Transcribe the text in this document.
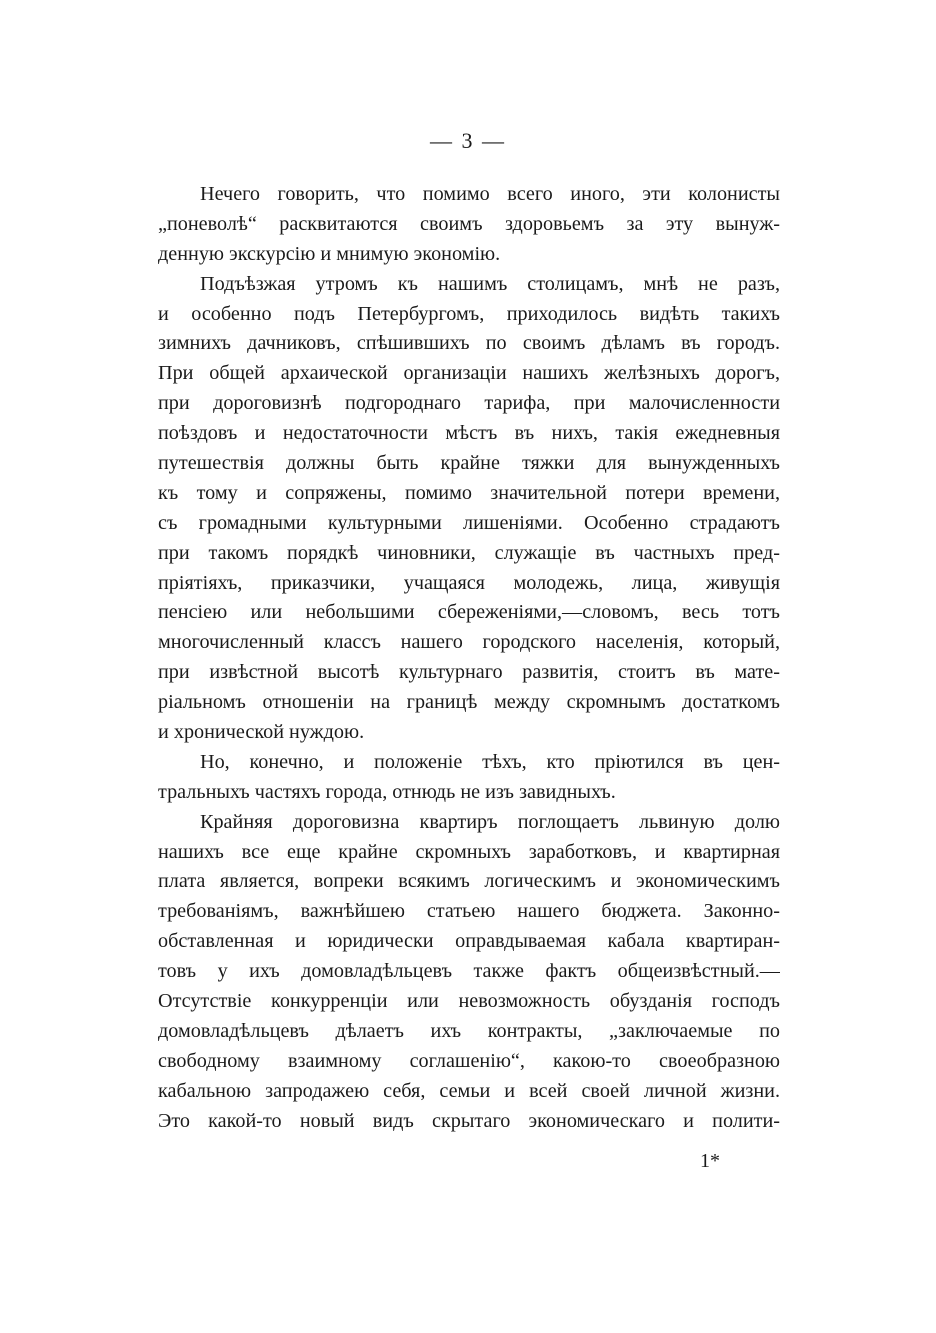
— 3 —
Нечего говорить, что помимо всего иного, эти колонисты
„поневолѣ“ расквитаются своимъ здоровьемъ за эту вынуж-
денную экскурсію и мнимую экономію.
Подъѣзжая утромъ къ нашимъ столицамъ, мнѣ не разъ,
и особенно подъ Петербургомъ, приходилось видѣть такихъ
зимнихъ дачниковъ, спѣшившихъ по своимъ дѣламъ въ городъ.
При общей архаической организаціи нашихъ желѣзныхъ дорогъ,
при дороговизнѣ подгороднаго тарифа, при малочисленности
поѣздовъ и недостаточности мѣстъ въ нихъ, такія ежедневныя
путешествія должны быть крайне тяжки для вынужденныхъ
къ тому и сопряжены, помимо значительной потери времени,
съ громадными культурными лишеніями. Особенно страдаютъ
при такомъ порядкѣ чиновники, служащіе въ частныхъ пред-
пріятіяхъ, приказчики, учащаяся молодежь, лица, живущія
пенсіею или небольшими сбереженіями,—словомъ, весь тотъ
многочисленный классъ нашего городского населенія, который,
при извѣстной высотѣ культурнаго развитія, стоитъ въ мате-
ріальномъ отношеніи на границѣ между скромнымъ достаткомъ
и хронической нуждою.
Но, конечно, и положеніе тѣхъ, кто пріютился въ цен-
тральныхъ частяхъ города, отнюдь не изъ завидныхъ.
Крайняя дороговизна квартиръ поглощаетъ львиную долю
нашихъ все еще крайне скромныхъ заработковъ, и квартирная
плата является, вопреки всякимъ логическимъ и экономическимъ
требованіямъ, важнѣйшею статьею нашего бюджета. Законно-
обставленная и юридически оправдываемая кабала квартиран-
товъ у ихъ домовладѣльцевъ также фактъ общеизвѣстный.—
Отсутствіе конкурренціи или невозможность обузданія господъ
домовладѣльцевъ дѣлаетъ ихъ контракты, „заключаемые по
свободному взаимному соглашенію“, какою-то своеобразною
кабальною запродажею себя, семьи и всей своей личной жизни.
Это какой-то новый видъ скрытаго экономическаго и полити-
1*
